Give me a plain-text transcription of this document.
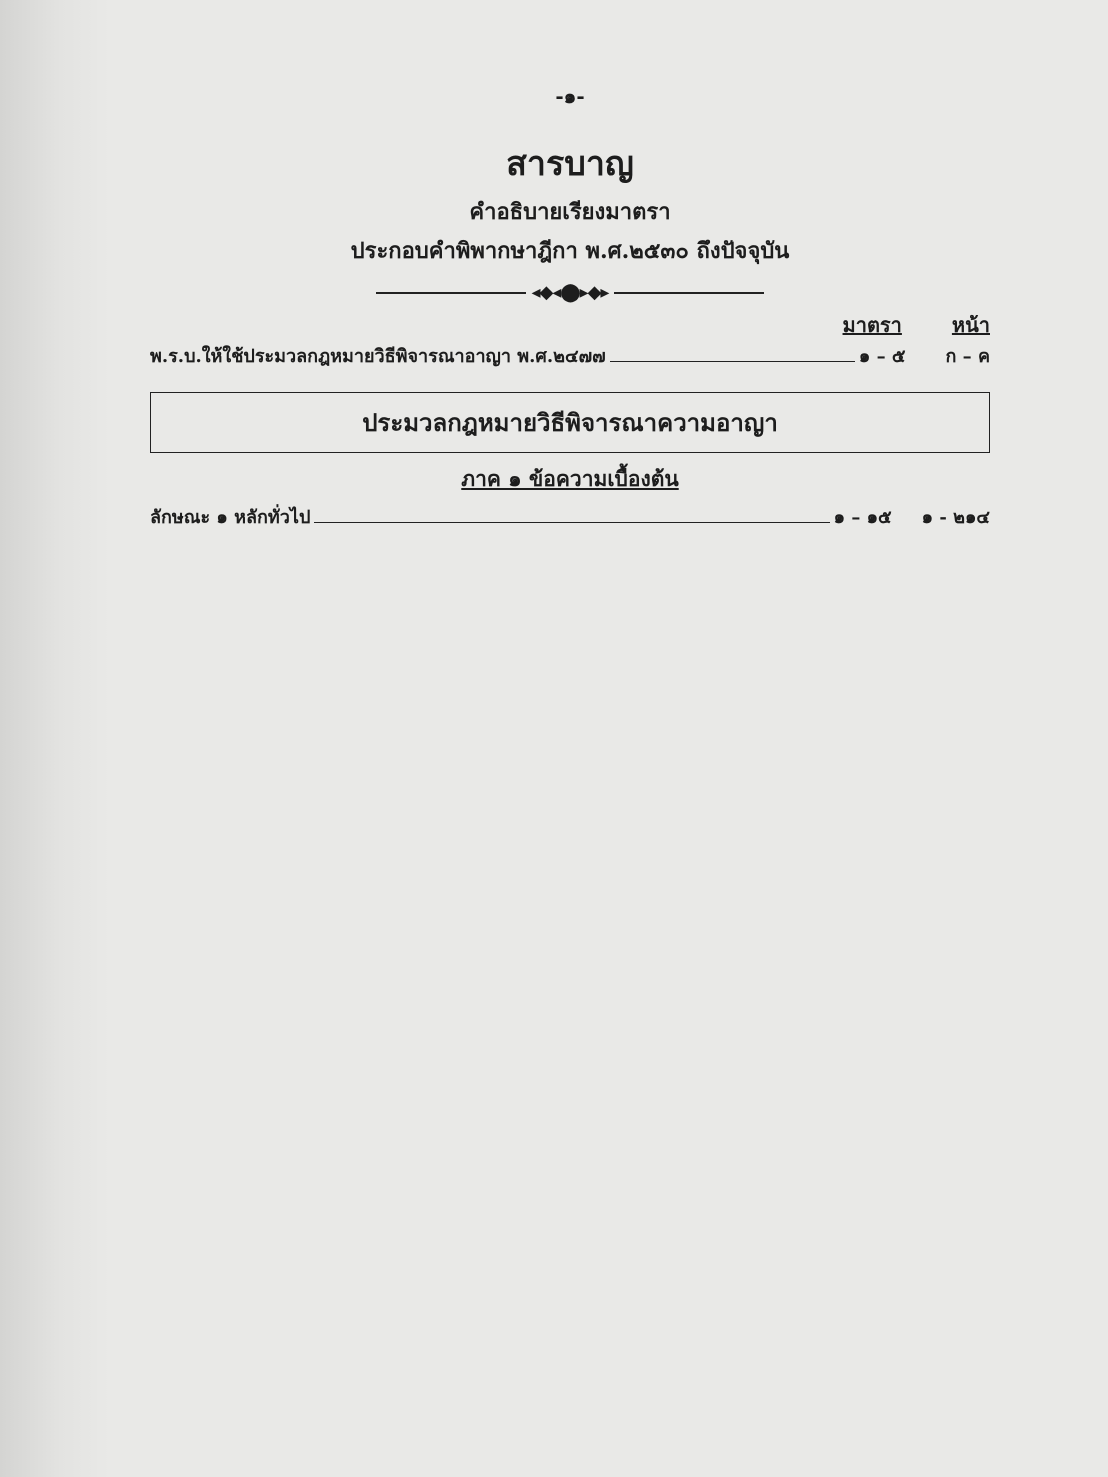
-๑-
สารบาญ
คำอธิบายเรียงมาตรา
ประกอบคำพิพากษาฎีกา พ.ศ.๒๕๓๐ ถึงปัจจุบัน
◂◆◂⬤▸◆▸
มาตรา	หน้า
พ.ร.บ.ให้ใช้ประมวลกฎหมายวิธีพิจารณาอาญา พ.ศ.๒๔๗๗	๑ – ๕ ก – ค
ประมวลกฎหมายวิธีพิจารณาความอาญา
ภาค ๑ ข้อความเบื้องต้น
ลักษณะ ๑ หลักทั่วไป	๑ – ๑๕ ๑ - ๒๑๔
